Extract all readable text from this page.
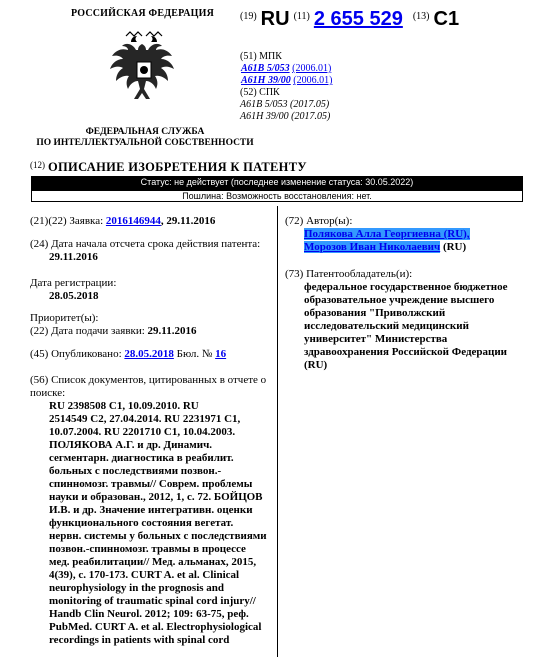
РОССИЙСКАЯ ФЕДЕРАЦИЯ
ФЕДЕРАЛЬНАЯ СЛУЖБА
ПО ИНТЕЛЛЕКТУАЛЬНОЙ СОБСТВЕННОСТИ
$^{(19)}$ RU $^{(11)}$ 2 655 529 $^{(13)}$ C1
(51) МПК
A61B 5/053 (2006.01)
A61H 39/00 (2006.01)
(52) СПК
A61B 5/053 (2017.05)
A61H 39/00 (2017.05)
$^{(12)}$ ОПИСАНИЕ ИЗОБРЕТЕНИЯ К ПАТЕНТУ
Статус: не действует (последнее изменение статуса: 30.05.2022)
Пошлина: Возможность восстановления: нет.
(21)(22) Заявка: 2016146944, 29.11.2016
(24) Дата начала отсчета срока действия патента:
29.11.2016
Дата регистрации:
28.05.2018
Приоритет(ы):
(22) Дата подачи заявки: 29.11.2016
(45) Опубликовано: 28.05.2018 Бюл. № 16
(56) Список документов, цитированных в отчете о поиске:
RU 2398508 C1, 10.09.2010. RU
2514549 C2, 27.04.2014. RU 2231971 C1,
10.07.2004. RU 2201710 C1, 10.04.2003.
ПОЛЯКОВА А.Г. и др. Динамич.
сегментарн. диагностика в реабилит.
больных с последствиями позвон.-
спинномозг. травмы// Соврем. проблемы
науки и образован., 2012, 1, с. 72. БОЙЦОВ
И.В. и др. Значение интегративн. оценки
функционального состояния вегетат.
нервн. системы у больных с последствиями
позвон.-спинномозг. травмы в процессе
мед. реабилитации// Мед. альманах, 2015,
4(39), с. 170-173. CURT A. et al. Clinical
neurophysiology in the prognosis and
monitoring of traumatic spinal cord injury//
Handb Clin Neurol. 2012; 109: 63-75, реф.
PubMed. CURT A. et al. Electrophysiological
recordings in patients with spinal cord
(72) Автор(ы):
Полякова Алла Георгиевна (RU),
Морозов Иван Николаевич (RU)
(73) Патентообладатель(и):
федеральное государственное бюджетное
образовательное учреждение высшего
образования "Приволжский
исследовательский медицинский
университет" Министерства
здравоохранения Российской Федерации
(RU)
